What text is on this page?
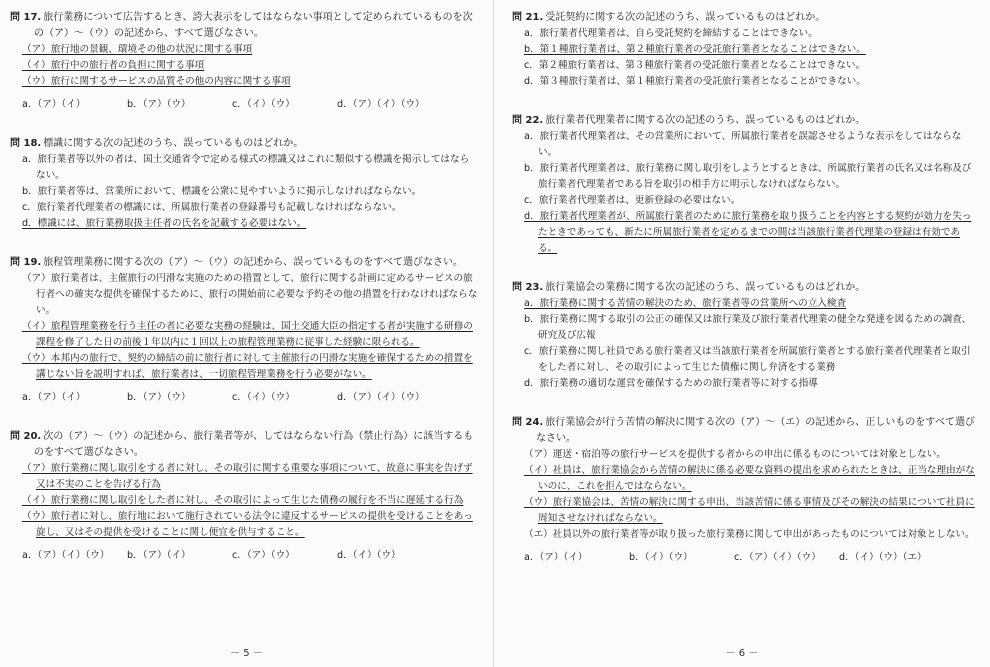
問 17. 旅行業務について広告するとき、誇大表示をしてはならない事項として定められているものを次の（ア）～（ウ）の記述から、すべて選びなさい。

（ア）旅行地の景観、環境その他の状況に関する事項

（イ）旅行中の旅行者の負担に関する事項

（ウ）旅行に関するサービスの品質その他の内容に関する事項

a．（ア）（イ）	b．（ア）（ウ）	c．（イ）（ウ）	d．（ア）（イ）（ウ）

問 18. 標識に関する次の記述のうち、誤っているものはどれか。

a．旅行業者等以外の者は、国土交通省令で定める様式の標識又はこれに類似する標識を掲示してはならない。

b．旅行業者等は、営業所において、標識を公衆に見やすいように掲示しなければならない。

c．旅行業者代理業者の標識には、所属旅行業者の登録番号も記載しなければならない。

d．標識には、旅行業務取扱主任者の氏名を記載する必要はない。

問 19. 旅程管理業務に関する次の（ア）～（ウ）の記述から、誤っているものをすべて選びなさい。

（ア）旅行業者は、主催旅行の円滑な実施のための措置として、旅行に関する計画に定めるサービスの旅行者への確実な提供を確保するために、旅行の開始前に必要な予約その他の措置を行わなければならない。

（イ）旅程管理業務を行う主任の者に必要な実務の経験は、国土交通大臣の指定する者が実施する研修の課程を修了した日の前後１年以内に１回以上の旅程管理業務に従事した経験に限られる。

（ウ）本邦内の旅行で、契約の締結の前に旅行者に対して主催旅行の円滑な実施を確保するための措置を講じない旨を説明すれば、旅行業者は、一切旅程管理業務を行う必要がない。

a．（ア）（イ）	b．（ア）（ウ）	c．（イ）（ウ）	d．（ア）（イ）（ウ）

問 20. 次の（ア）～（ウ）の記述から、旅行業者等が、してはならない行為（禁止行為）に該当するものをすべて選びなさい。

（ア）旅行業務に関し取引をする者に対し、その取引に関する重要な事項について、故意に事実を告げず又は不実のことを告げる行為

（イ）旅行業務に関し取引をした者に対し、その取引によって生じた債務の履行を不当に遅延する行為

（ウ）旅行者に対し、旅行地において施行されている法令に違反するサービスの提供を受けることをあっ旋し、又はその提供を受けることに関し便宜を供与すること。

a．（ア）（イ）（ウ）	b．（ア）（イ）	c．（ア）（ウ）	d．（イ）（ウ）
－ 5 －

問 21. 受託契約に関する次の記述のうち、誤っているものはどれか。

a．旅行業者代理業者は、自ら受託契約を締結することはできない。

b．第１種旅行業者は、第２種旅行業者の受託旅行業者となることはできない。

c．第２種旅行業者は、第３種旅行業者の受託旅行業者となることはできない。

d．第３種旅行業者は、第１種旅行業者の受託旅行業者となることができない。

問 22. 旅行業者代理業者に関する次の記述のうち、誤っているものはどれか。

a．旅行業者代理業者は、その営業所において、所属旅行業者を誤認させるような表示をしてはならない。

b．旅行業者代理業者は、旅行業務に関し取引をしようとするときは、所属旅行業者の氏名又は名称及び旅行業者代理業者である旨を取引の相手方に明示しなければならない。

c．旅行業者代理業者は、更新登録の必要はない。

d．旅行業者代理業者が、所属旅行業者のために旅行業務を取り扱うことを内容とする契約が効力を失ったときであっても、新たに所属旅行業者を定めるまでの間は当該旅行業者代理業の登録は有効である。

問 23. 旅行業協会の業務に関する次の記述のうち、誤っているものはどれか。

a．旅行業務に関する苦情の解決のため、旅行業者等の営業所への立入検査

b．旅行業務に関する取引の公正の確保又は旅行業及び旅行業者代理業の健全な発達を図るための調査、研究及び広報

c．旅行業務に関し社員である旅行業者又は当該旅行業者を所属旅行業者とする旅行業者代理業者と取引をした者に対し、その取引によって生じた債権に関し弁済をする業務

d．旅行業務の適切な運営を確保するための旅行業者等に対する指導

問 24. 旅行業協会が行う苦情の解決に関する次の（ア）～（エ）の記述から、正しいものをすべて選びなさい。

（ア）運送・宿泊等の旅行サービスを提供する者からの申出に係るものについては対象としない。

（イ）社員は、旅行業協会から苦情の解決に係る必要な資料の提出を求められたときは、正当な理由がないのに、これを拒んではならない。

（ウ）旅行業協会は、苦情の解決に関する申出、当該苦情に係る事情及びその解決の結果について社員に周知させなければならない。

（エ）社員以外の旅行業者等が取り扱った旅行業務に関して申出があったものについては対象としない。

a．（ア）（イ）	b．（イ）（ウ）	c．（ア）（イ）（ウ）	d．（イ）（ウ）（エ）
－ 6 －
